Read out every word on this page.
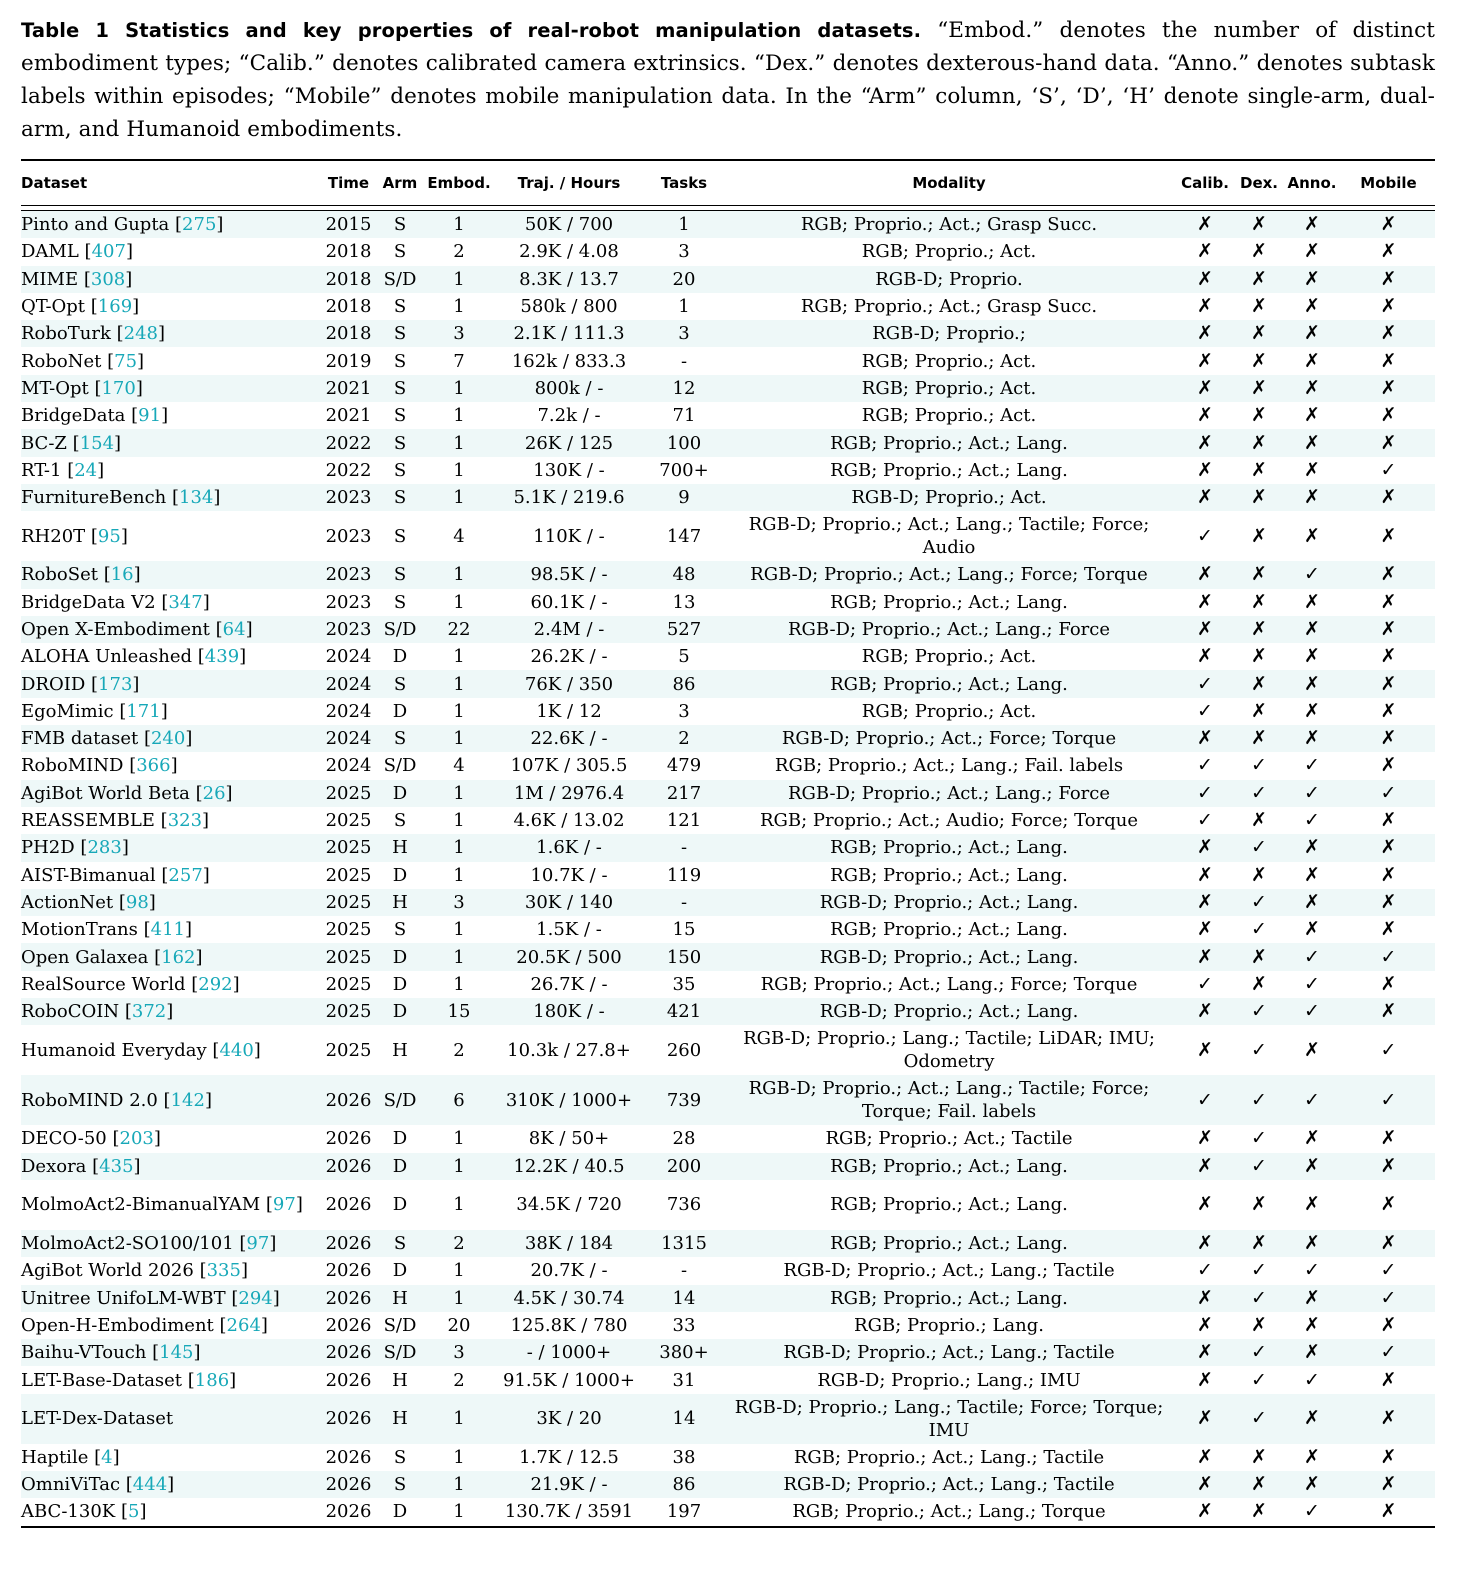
Table 1 Statistics and key properties of real-robot manipulation datasets. “Embod.” denotes the number of distinct embodiment types; “Calib.” denotes calibrated camera extrinsics. “Dex.” denotes dexterous-hand data. “Anno.” denotes subtask labels within episodes; “Mobile” denotes mobile manipulation data. In the “Arm” column, ‘S’, ‘D’, ‘H’ denote single-arm, dual-arm, and Humanoid embodiments.
Dataset	Time	Arm	Embod.	Traj. / Hours	Tasks	Modality	Calib.	Dex.	Anno.	Mobile

Pinto and Gupta [275]	2015	S	1	50K / 700	1	RGB; Proprio.; Act.; Grasp Succ.	✗	✗	✗	✗
DAML [407]	2018	S	2	2.9K / 4.08	3	RGB; Proprio.; Act.	✗	✗	✗	✗
MIME [308]	2018	S/D	1	8.3K / 13.7	20	RGB-D; Proprio.	✗	✗	✗	✗
QT-Opt [169]	2018	S	1	580k / 800	1	RGB; Proprio.; Act.; Grasp Succ.	✗	✗	✗	✗
RoboTurk [248]	2018	S	3	2.1K / 111.3	3	RGB-D; Proprio.;	✗	✗	✗	✗
RoboNet [75]	2019	S	7	162k / 833.3	-	RGB; Proprio.; Act.	✗	✗	✗	✗
MT-Opt [170]	2021	S	1	800k / -	12	RGB; Proprio.; Act.	✗	✗	✗	✗
BridgeData [91]	2021	S	1	7.2k / -	71	RGB; Proprio.; Act.	✗	✗	✗	✗
BC-Z [154]	2022	S	1	26K / 125	100	RGB; Proprio.; Act.; Lang.	✗	✗	✗	✗
RT-1 [24]	2022	S	1	130K / -	700+	RGB; Proprio.; Act.; Lang.	✗	✗	✗	✓
FurnitureBench [134]	2023	S	1	5.1K / 219.6	9	RGB-D; Proprio.; Act.	✗	✗	✗	✗
RH20T [95]	2023	S	4	110K / -	147	RGB-D; Proprio.; Act.; Lang.; Tactile; Force; Audio	✓	✗	✗	✗
RoboSet [16]	2023	S	1	98.5K / -	48	RGB-D; Proprio.; Act.; Lang.; Force; Torque	✗	✗	✓	✗
BridgeData V2 [347]	2023	S	1	60.1K / -	13	RGB; Proprio.; Act.; Lang.	✗	✗	✗	✗
Open X-Embodiment [64]	2023	S/D	22	2.4M / -	527	RGB-D; Proprio.; Act.; Lang.; Force	✗	✗	✗	✗
ALOHA Unleashed [439]	2024	D	1	26.2K / -	5	RGB; Proprio.; Act.	✗	✗	✗	✗
DROID [173]	2024	S	1	76K / 350	86	RGB; Proprio.; Act.; Lang.	✓	✗	✗	✗
EgoMimic [171]	2024	D	1	1K / 12	3	RGB; Proprio.; Act.	✓	✗	✗	✗
FMB dataset [240]	2024	S	1	22.6K / -	2	RGB-D; Proprio.; Act.; Force; Torque	✗	✗	✗	✗
RoboMIND [366]	2024	S/D	4	107K / 305.5	479	RGB; Proprio.; Act.; Lang.; Fail. labels	✓	✓	✓	✗
AgiBot World Beta [26]	2025	D	1	1M / 2976.4	217	RGB-D; Proprio.; Act.; Lang.; Force	✓	✓	✓	✓
REASSEMBLE [323]	2025	S	1	4.6K / 13.02	121	RGB; Proprio.; Act.; Audio; Force; Torque	✓	✗	✓	✗
PH2D [283]	2025	H	1	1.6K / -	-	RGB; Proprio.; Act.; Lang.	✗	✓	✗	✗
AIST-Bimanual [257]	2025	D	1	10.7K / -	119	RGB; Proprio.; Act.; Lang.	✗	✗	✗	✗
ActionNet [98]	2025	H	3	30K / 140	-	RGB-D; Proprio.; Act.; Lang.	✗	✓	✗	✗
MotionTrans [411]	2025	S	1	1.5K / -	15	RGB; Proprio.; Act.; Lang.	✗	✓	✗	✗
Open Galaxea [162]	2025	D	1	20.5K / 500	150	RGB-D; Proprio.; Act.; Lang.	✗	✗	✓	✓
RealSource World [292]	2025	D	1	26.7K / -	35	RGB; Proprio.; Act.; Lang.; Force; Torque	✓	✗	✓	✗
RoboCOIN [372]	2025	D	15	180K / -	421	RGB-D; Proprio.; Act.; Lang.	✗	✓	✓	✗
Humanoid Everyday [440]	2025	H	2	10.3k / 27.8+	260	RGB-D; Proprio.; Lang.; Tactile; LiDAR; IMU; Odometry	✗	✓	✗	✓
RoboMIND 2.0 [142]	2026	S/D	6	310K / 1000+	739	RGB-D; Proprio.; Act.; Lang.; Tactile; Force; Torque; Fail. labels	✓	✓	✓	✓
DECO-50 [203]	2026	D	1	8K / 50+	28	RGB; Proprio.; Act.; Tactile	✗	✓	✗	✗
Dexora [435]	2026	D	1	12.2K / 40.5	200	RGB; Proprio.; Act.; Lang.	✗	✓	✗	✗
MolmoAct2-BimanualYAM [97]	2026	D	1	34.5K / 720	736	RGB; Proprio.; Act.; Lang.	✗	✗	✗	✗
MolmoAct2-SO100/101 [97]	2026	S	2	38K / 184	1315	RGB; Proprio.; Act.; Lang.	✗	✗	✗	✗
AgiBot World 2026 [335]	2026	D	1	20.7K / -	-	RGB-D; Proprio.; Act.; Lang.; Tactile	✓	✓	✓	✓
Unitree UnifoLM-WBT [294]	2026	H	1	4.5K / 30.74	14	RGB; Proprio.; Act.; Lang.	✗	✓	✗	✓
Open-H-Embodiment [264]	2026	S/D	20	125.8K / 780	33	RGB; Proprio.; Lang.	✗	✗	✗	✗
Baihu-VTouch [145]	2026	S/D	3	- / 1000+	380+	RGB-D; Proprio.; Act.; Lang.; Tactile	✗	✓	✗	✓
LET-Base-Dataset [186]	2026	H	2	91.5K / 1000+	31	RGB-D; Proprio.; Lang.; IMU	✗	✓	✓	✗
LET-Dex-Dataset	2026	H	1	3K / 20	14	RGB-D; Proprio.; Lang.; Tactile; Force; Torque; IMU	✗	✓	✗	✗
Haptile [4]	2026	S	1	1.7K / 12.5	38	RGB; Proprio.; Act.; Lang.; Tactile	✗	✗	✗	✗
OmniViTac [444]	2026	S	1	21.9K / -	86	RGB-D; Proprio.; Act.; Lang.; Tactile	✗	✗	✗	✗
ABC-130K [5]	2026	D	1	130.7K / 3591	197	RGB; Proprio.; Act.; Lang.; Torque	✗	✗	✓	✗
